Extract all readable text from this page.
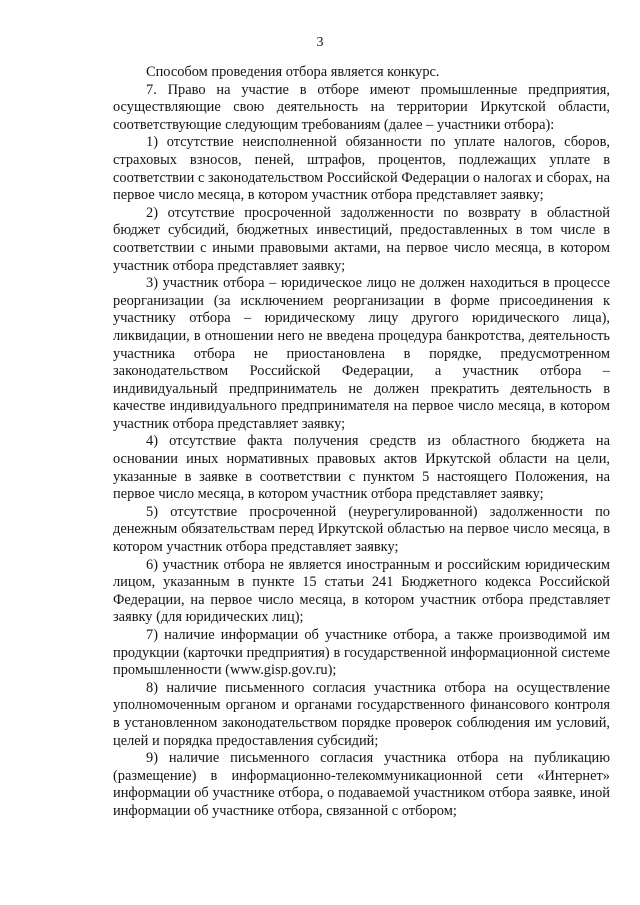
3

Способом проведения отбора является конкурс.

7. Право на участие в отборе имеют промышленные предприятия, осуществляющие свою деятельность на территории Иркутской области, соответствующие следующим требованиям (далее – участники отбора):

1) отсутствие неисполненной обязанности по уплате налогов, сборов, страховых взносов, пеней, штрафов, процентов, подлежащих уплате в соответствии с законодательством Российской Федерации о налогах и сборах, на первое число месяца, в котором участник отбора представляет заявку;

2) отсутствие просроченной задолженности по возврату в областной бюджет субсидий, бюджетных инвестиций, предоставленных в том числе в соответствии с иными правовыми актами, на первое число месяца, в котором участник отбора представляет заявку;

3) участник отбора – юридическое лицо не должен находиться в процессе реорганизации (за исключением реорганизации в форме присоединения к участнику отбора – юридическому лицу другого юридического лица), ликвидации, в отношении него не введена процедура банкротства, деятельность участника отбора не приостановлена в порядке, предусмотренном законодательством Российской Федерации, а участник отбора – индивидуальный предприниматель не должен прекратить деятельность в качестве индивидуального предпринимателя на первое число месяца, в котором участник отбора представляет заявку;

4) отсутствие факта получения средств из областного бюджета на основании иных нормативных правовых актов Иркутской области на цели, указанные в заявке в соответствии с пунктом 5 настоящего Положения, на первое число месяца, в котором участник отбора представляет заявку;

5) отсутствие просроченной (неурегулированной) задолженности по денежным обязательствам перед Иркутской областью на первое число месяца, в котором участник отбора представляет заявку;

6) участник отбора не является иностранным и российским юридическим лицом, указанным в пункте 15 статьи 241 Бюджетного кодекса Российской Федерации, на первое число месяца, в котором участник отбора представляет заявку (для юридических лиц);

7) наличие информации об участнике отбора, а также производимой им продукции (карточки предприятия) в государственной информационной системе промышленности (www.gisp.gov.ru);

8) наличие письменного согласия участника отбора на осуществление уполномоченным органом и органами государственного финансового контроля в установленном законодательством порядке проверок соблюдения им условий, целей и порядка предоставления субсидий;

9) наличие письменного согласия участника отбора на публикацию (размещение) в информационно-телекоммуникационной сети «Интернет» информации об участнике отбора, о подаваемой участником отбора заявке, иной информации об участнике отбора, связанной с отбором;
